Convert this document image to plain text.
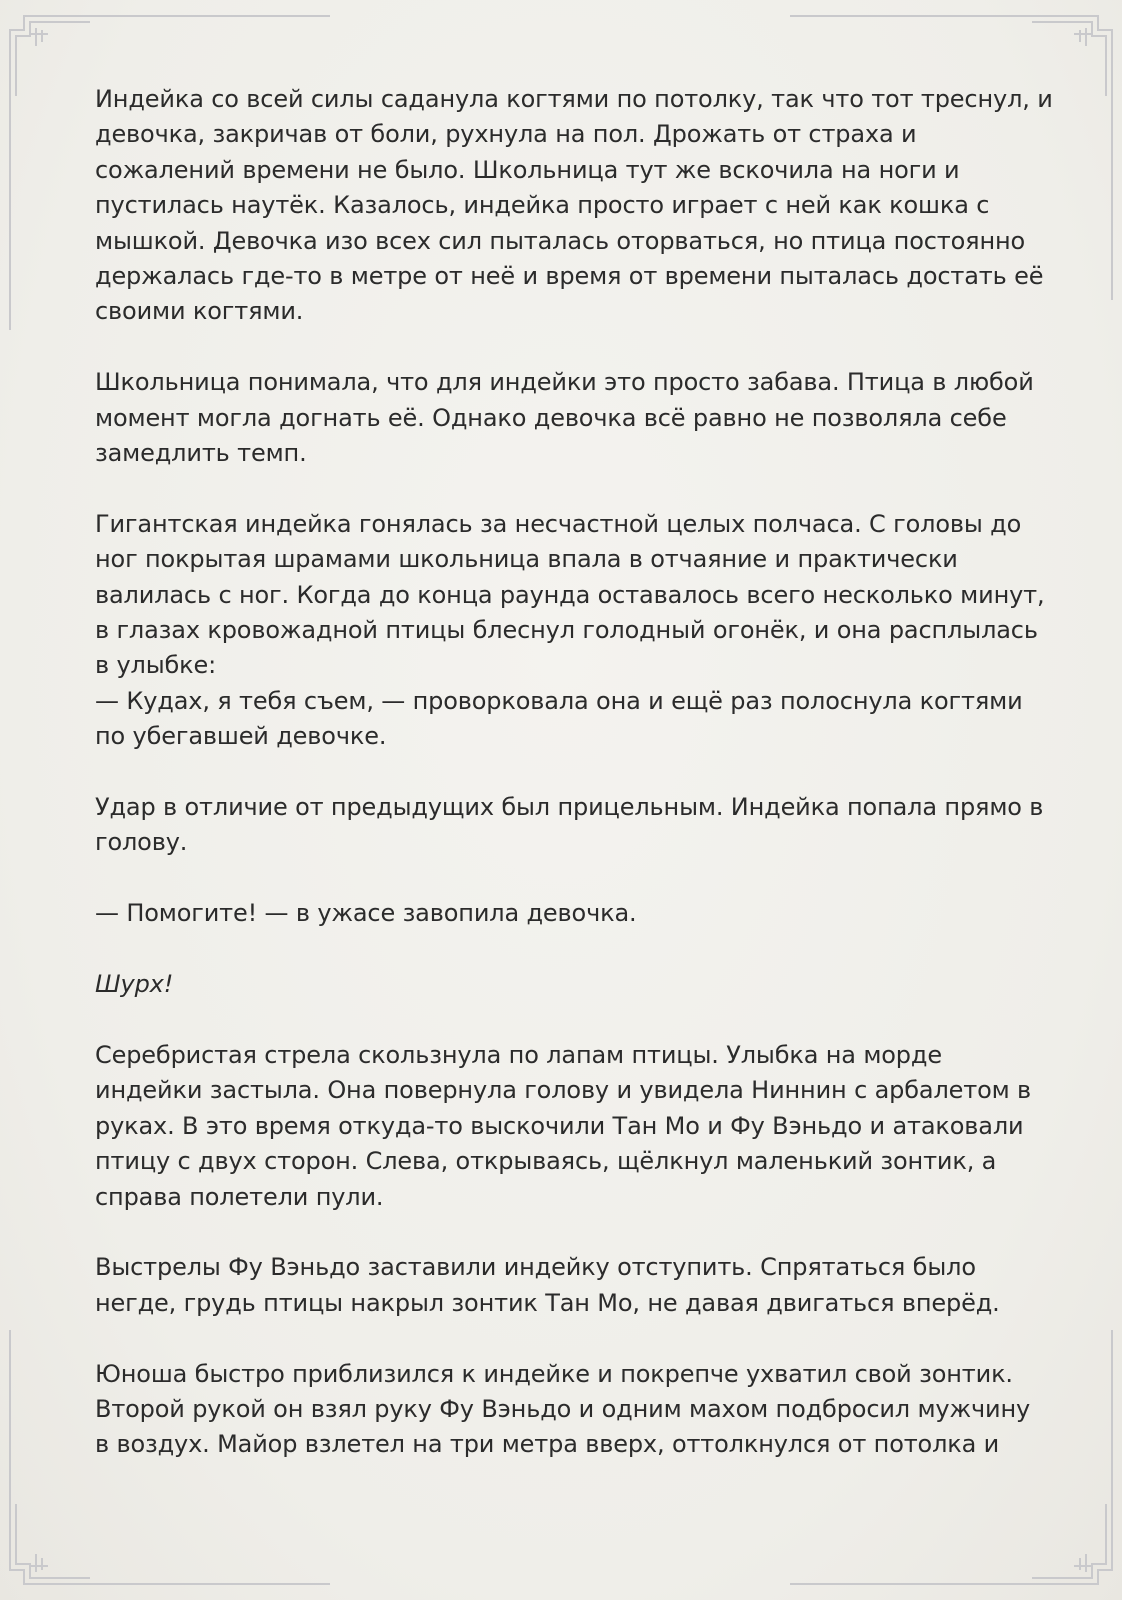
Индейка со всей силы саданула когтями по потолку, так что тот треснул, и
девочка, закричав от боли, рухнула на пол. Дрожать от страха и
сожалений времени не было. Школьница тут же вскочила на ноги и
пустилась наутёк. Казалось, индейка просто играет с ней как кошка с
мышкой. Девочка изо всех сил пыталась оторваться, но птица постоянно
держалась где-то в метре от неё и время от времени пыталась достать её
своими когтями.

Школьница понимала, что для индейки это просто забава. Птица в любой
момент могла догнать её. Однако девочка всё равно не позволяла себе
замедлить темп.

Гигантская индейка гонялась за несчастной целых полчаса. С головы до
ног покрытая шрамами школьница впала в отчаяние и практически
валилась с ног. Когда до конца раунда оставалось всего несколько минут,
в глазах кровожадной птицы блеснул голодный огонёк, и она расплылась
в улыбке:
— Кудах, я тебя съем, — проворковала она и ещё раз полоснула когтями
по убегавшей девочке.

Удар в отличие от предыдущих был прицельным. Индейка попала прямо в
голову.

— Помогите! — в ужасе завопила девочка.

Шурх!

Серебристая стрела скользнула по лапам птицы. Улыбка на морде
индейки застыла. Она повернула голову и увидела Ниннин с арбалетом в
руках. В это время откуда-то выскочили Тан Мо и Фу Вэньдо и атаковали
птицу с двух сторон. Слева, открываясь, щёлкнул маленький зонтик, а
справа полетели пули.

Выстрелы Фу Вэньдо заставили индейку отступить. Спрятаться было
негде, грудь птицы накрыл зонтик Тан Мо, не давая двигаться вперёд.

Юноша быстро приблизился к индейке и покрепче ухватил свой зонтик.
Второй рукой он взял руку Фу Вэньдо и одним махом подбросил мужчину
в воздух. Майор взлетел на три метра вверх, оттолкнулся от потолка и
